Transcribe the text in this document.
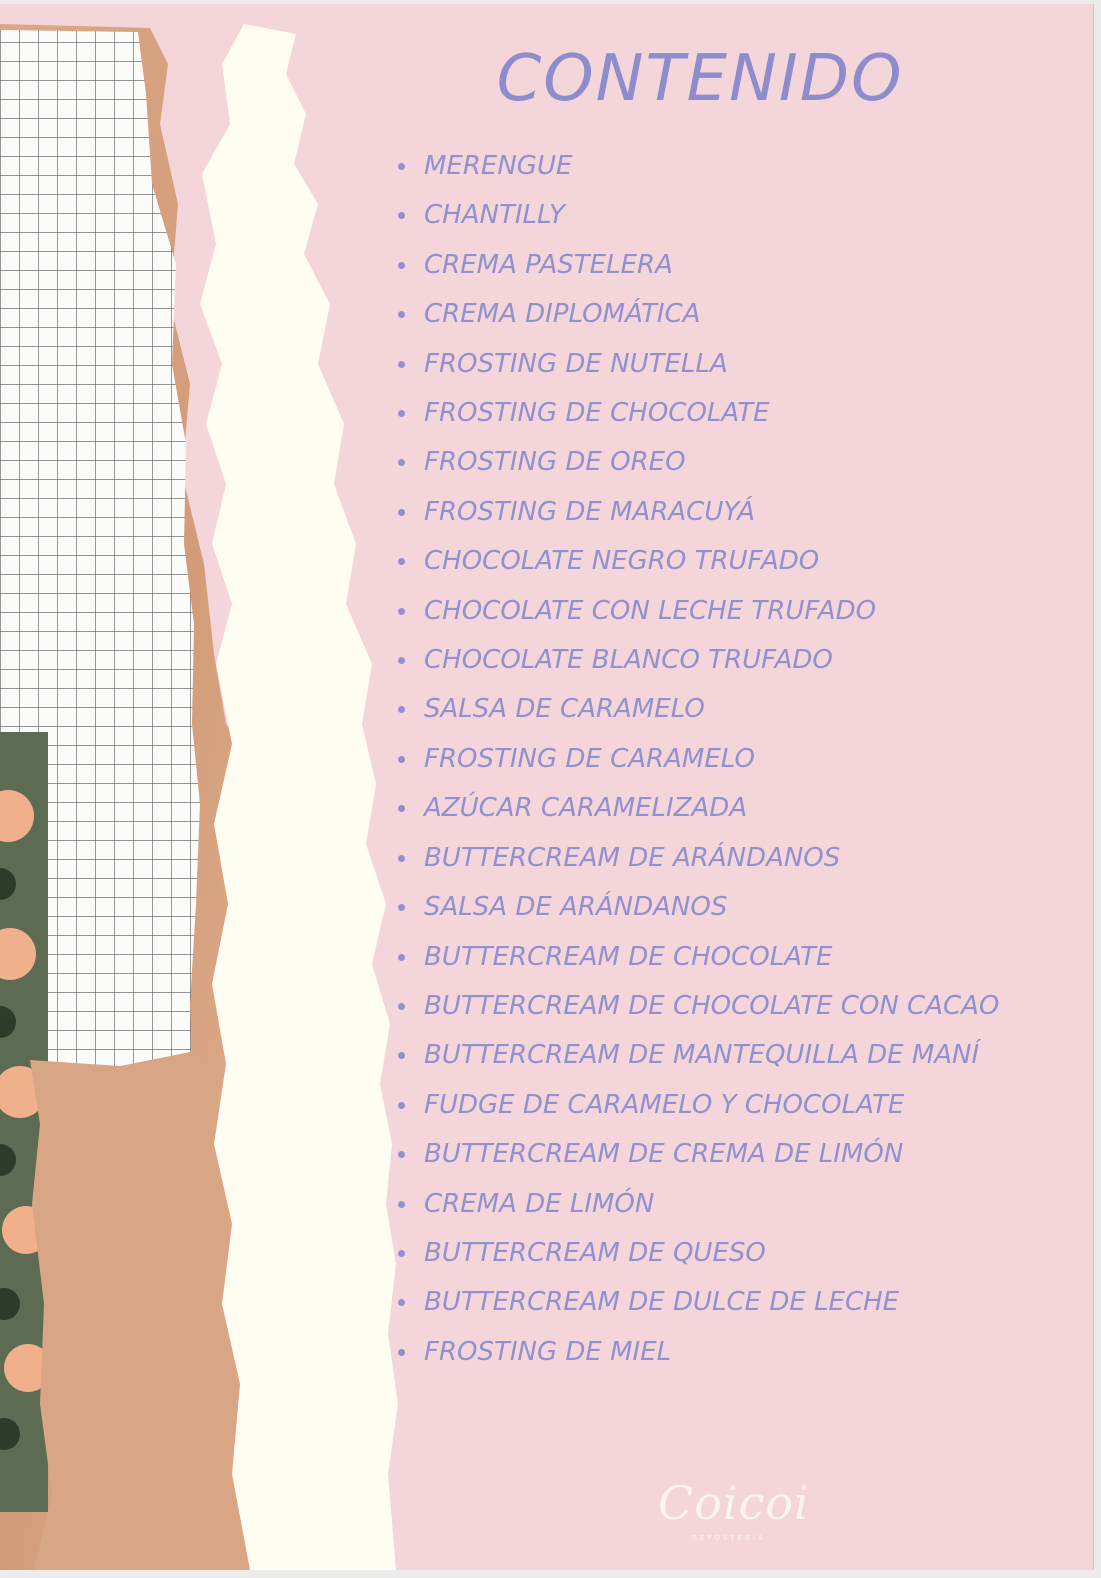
CONTENIDO
MERENGUE
CHANTILLY
CREMA PASTELERA
CREMA DIPLOMÁTICA
FROSTING DE NUTELLA
FROSTING DE CHOCOLATE
FROSTING DE OREO
FROSTING DE MARACUYÁ
CHOCOLATE NEGRO TRUFADO
CHOCOLATE CON LECHE TRUFADO
CHOCOLATE BLANCO TRUFADO
SALSA DE CARAMELO
FROSTING DE CARAMELO
AZÚCAR CARAMELIZADA
BUTTERCREAM DE ARÁNDANOS
SALSA DE ARÁNDANOS
BUTTERCREAM DE CHOCOLATE
BUTTERCREAM DE CHOCOLATE CON CACAO
BUTTERCREAM DE MANTEQUILLA DE MANÍ
FUDGE DE CARAMELO Y CHOCOLATE
BUTTERCREAM DE CREMA DE LIMÓN
CREMA DE LIMÓN
BUTTERCREAM DE QUESO
BUTTERCREAM DE DULCE DE LECHE
FROSTING DE MIEL
Coicoi
REPOSTERÍA
